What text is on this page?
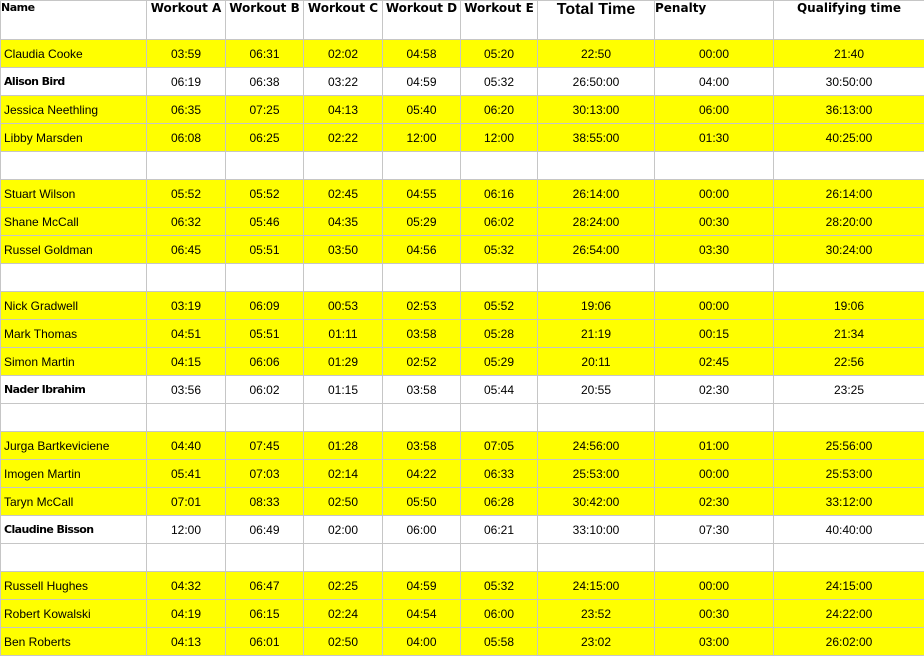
Name	Workout A	Workout B	Workout C	Workout D	Workout E	Total Time	Penalty	Qualifying time
Claudia Cooke	03:59	06:31	02:02	04:58	05:20	22:50	00:00	21:40
Alison Bird	06:19	06:38	03:22	04:59	05:32	26:50:00	04:00	30:50:00
Jessica Neethling	06:35	07:25	04:13	05:40	06:20	30:13:00	06:00	36:13:00
Libby Marsden	06:08	06:25	02:22	12:00	12:00	38:55:00	01:30	40:25:00

Stuart Wilson	05:52	05:52	02:45	04:55	06:16	26:14:00	00:00	26:14:00
Shane McCall	06:32	05:46	04:35	05:29	06:02	28:24:00	00:30	28:20:00
Russel Goldman	06:45	05:51	03:50	04:56	05:32	26:54:00	03:30	30:24:00

Nick Gradwell	03:19	06:09	00:53	02:53	05:52	19:06	00:00	19:06
Mark Thomas	04:51	05:51	01:11	03:58	05:28	21:19	00:15	21:34
Simon Martin	04:15	06:06	01:29	02:52	05:29	20:11	02:45	22:56
Nader Ibrahim	03:56	06:02	01:15	03:58	05:44	20:55	02:30	23:25

Jurga Bartkeviciene	04:40	07:45	01:28	03:58	07:05	24:56:00	01:00	25:56:00
Imogen Martin	05:41	07:03	02:14	04:22	06:33	25:53:00	00:00	25:53:00
Taryn McCall	07:01	08:33	02:50	05:50	06:28	30:42:00	02:30	33:12:00
Claudine Bisson	12:00	06:49	02:00	06:00	06:21	33:10:00	07:30	40:40:00

Russell Hughes	04:32	06:47	02:25	04:59	05:32	24:15:00	00:00	24:15:00
Robert Kowalski	04:19	06:15	02:24	04:54	06:00	23:52	00:30	24:22:00
Ben Roberts	04:13	06:01	02:50	04:00	05:58	23:02	03:00	26:02:00
